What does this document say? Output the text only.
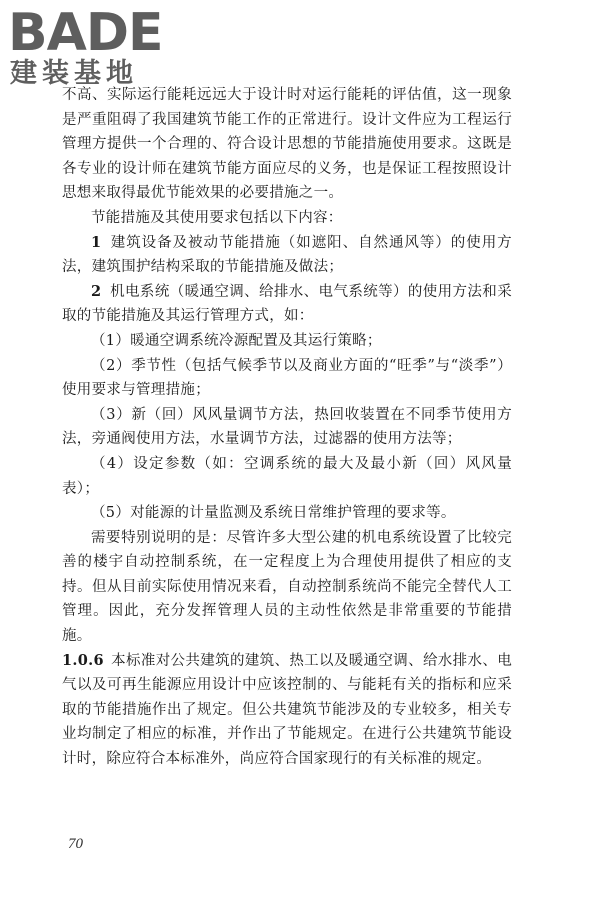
BADE
建装基地

不高、实际运行能耗远远大于设计时对运行能耗的评估值，这一现象是严重阻碍了我国建筑节能工作的正常进行。设计文件应为工程运行管理方提供一个合理的、符合设计思想的节能措施使用要求。这既是各专业的设计师在建筑节能方面应尽的义务，也是保证工程按照设计思想来取得最优节能效果的必要措施之一。

节能措施及其使用要求包括以下内容：

1 建筑设备及被动节能措施（如遮阳、自然通风等）的使用方法，建筑围护结构采取的节能措施及做法；

2 机电系统（暖通空调、给排水、电气系统等）的使用方法和采取的节能措施及其运行管理方式，如：

（1）暖通空调系统冷源配置及其运行策略；

（2）季节性（包括气候季节以及商业方面的“旺季”与“淡季”）使用要求与管理措施；

（3）新（回）风风量调节方法，热回收装置在不同季节使用方法，旁通阀使用方法，水量调节方法，过滤器的使用方法等；

（4）设定参数（如：空调系统的最大及最小新（回）风风量表）；

（5）对能源的计量监测及系统日常维护管理的要求等。

需要特别说明的是：尽管许多大型公建的机电系统设置了比较完善的楼宇自动控制系统，在一定程度上为合理使用提供了相应的支持。但从目前实际使用情况来看，自动控制系统尚不能完全替代人工管理。因此，充分发挥管理人员的主动性依然是非常重要的节能措施。

1.0.6 本标准对公共建筑的建筑、热工以及暖通空调、给水排水、电气以及可再生能源应用设计中应该控制的、与能耗有关的指标和应采取的节能措施作出了规定。但公共建筑节能涉及的专业较多，相关专业均制定了相应的标准，并作出了节能规定。在进行公共建筑节能设计时，除应符合本标准外，尚应符合国家现行的有关标准的规定。

70
